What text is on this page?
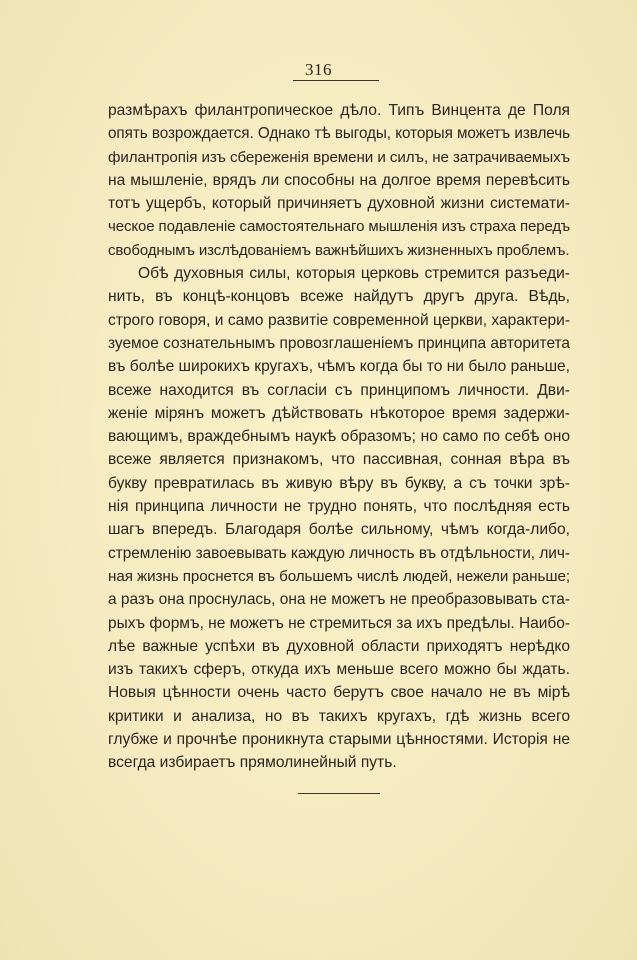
316
размѣрахъ филантропическое дѣло. Типъ Винцента де Поля
опять возрождается. Однако тѣ выгоды, которыя можетъ извлечь
филантропія изъ сбереженія времени и силъ, не затрачиваемыхъ
на мышленіе, врядъ ли способны на долгое время перевѣсить
тотъ ущербъ, который причиняетъ духовной жизни системати-
ческое подавленіе самостоятельнаго мышленія изъ страха передъ
свободнымъ изслѣдованіемъ важнѣйшихъ жизненныхъ проблемъ.
Обѣ духовныя силы, которыя церковь стремится разъеди-
нить, въ концѣ-концовъ всеже найдутъ другъ друга. Вѣдь,
строго говоря, и само развитіе современной церкви, характери-
зуемое сознательнымъ провозглашеніемъ принципа авторитета
въ болѣе широкихъ кругахъ, чѣмъ когда бы то ни было раньше,
всеже находится въ согласіи съ принципомъ личности. Дви-
женіе мірянъ можетъ дѣйствовать нѣкоторое время задержи-
вающимъ, враждебнымъ наукѣ образомъ; но само по себѣ оно
всеже является признакомъ, что пассивная, сонная вѣра въ
букву превратилась въ живую вѣру въ букву, а съ точки зрѣ-
нія принципа личности не трудно понять, что послѣдняя есть
шагъ впередъ. Благодаря болѣе сильному, чѣмъ когда-либо,
стремленію завоевывать каждую личность въ отдѣльности, лич-
ная жизнь проснется въ большемъ числѣ людей, нежели раньше;
а разъ она проснулась, она не можетъ не преобразовывать ста-
рыхъ формъ, не можетъ не стремиться за ихъ предѣлы. Наибо-
лѣе важные успѣхи въ духовной области приходятъ нерѣдко
изъ такихъ сферъ, откуда ихъ меньше всего можно бы ждать.
Новыя цѣнности очень часто берутъ свое начало не въ мірѣ
критики и анализа, но въ такихъ кругахъ, гдѣ жизнь всего
глубже и прочнѣе проникнута старыми цѣнностями. Исторія не
всегда избираетъ прямолинейный путь.
